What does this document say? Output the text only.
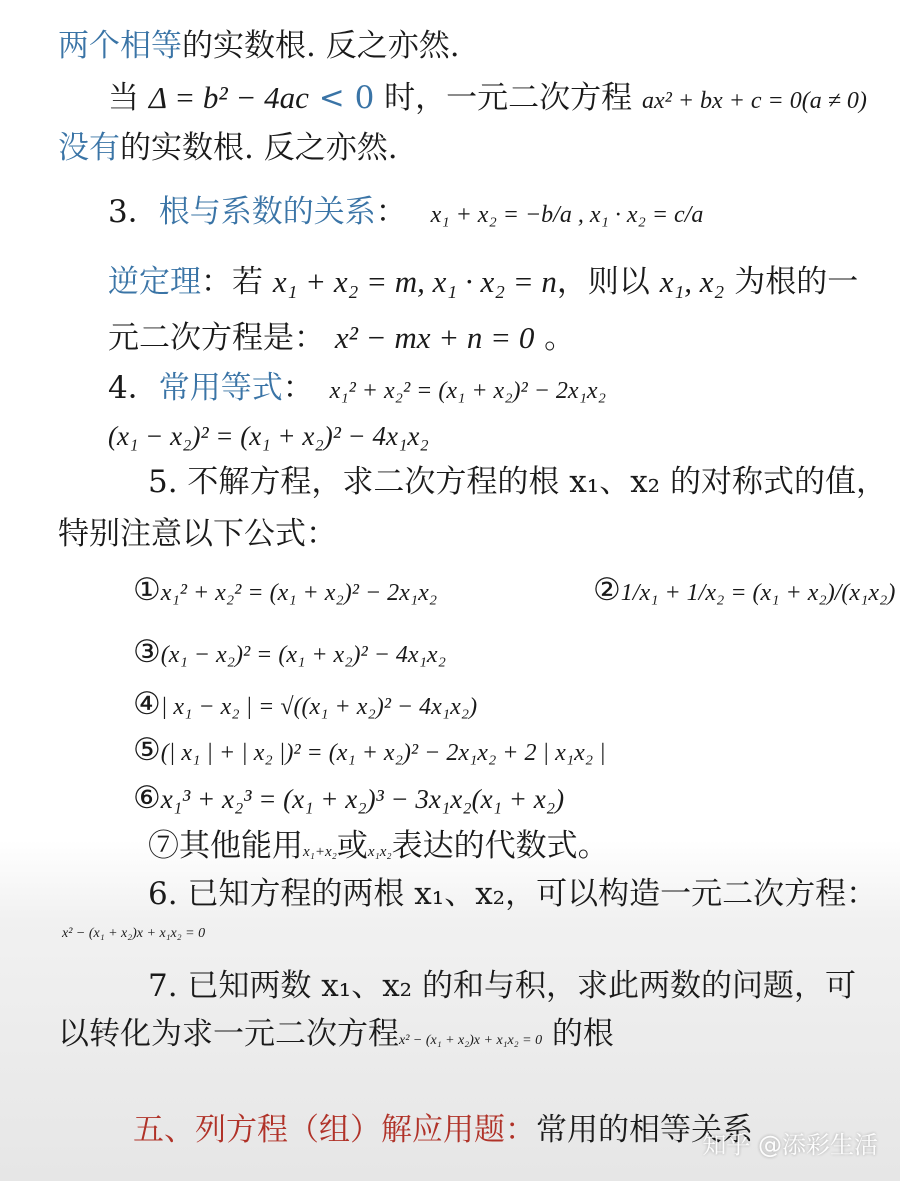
两个相等的实数根. 反之亦然.
当 Δ = b² − 4ac < 0 时，一元二次方程 ax² + bx + c = 0(a ≠ 0)
没有的实数根. 反之亦然.
3．根与系数的关系： x₁ + x₂ = −b/a , x₁ · x₂ = c/a
逆定理：若 x₁ + x₂ = m, x₁ · x₂ = n，则以 x₁, x₂ 为根的一
元二次方程是： x² − mx + n = 0 。
4．常用等式： x₁² + x₂² = (x₁ + x₂)² − 2x₁x₂
(x₁ − x₂)² = (x₁ + x₂)² − 4x₁x₂
5. 不解方程，求二次方程的根 x₁、x₂ 的对称式的值，
特别注意以下公式：
①x₁² + x₂² = (x₁ + x₂)² − 2x₁x₂	②1/x₁ + 1/x₂ = (x₁ + x₂)/(x₁x₂)
③(x₁ − x₂)² = (x₁ + x₂)² − 4x₁x₂
④| x₁ − x₂ | = √((x₁ + x₂)² − 4x₁x₂)
⑤(| x₁ | + | x₂ |)² = (x₁ + x₂)² − 2x₁x₂ + 2 | x₁x₂ |
⑥x₁³ + x₂³ = (x₁ + x₂)³ − 3x₁x₂(x₁ + x₂)
⑦其他能用x₁+x₂或x₁x₂表达的代数式。
6. 已知方程的两根 x₁、x₂，可以构造一元二次方程：
x² − (x₁ + x₂)x + x₁x₂ = 0
7. 已知两数 x₁、x₂ 的和与积，求此两数的问题，可
以转化为求一元二次方程x² − (x₁ + x₂)x + x₁x₂ = 0 的根
五、列方程（组）解应用题：常用的相等关系
知乎 @添彩生活
